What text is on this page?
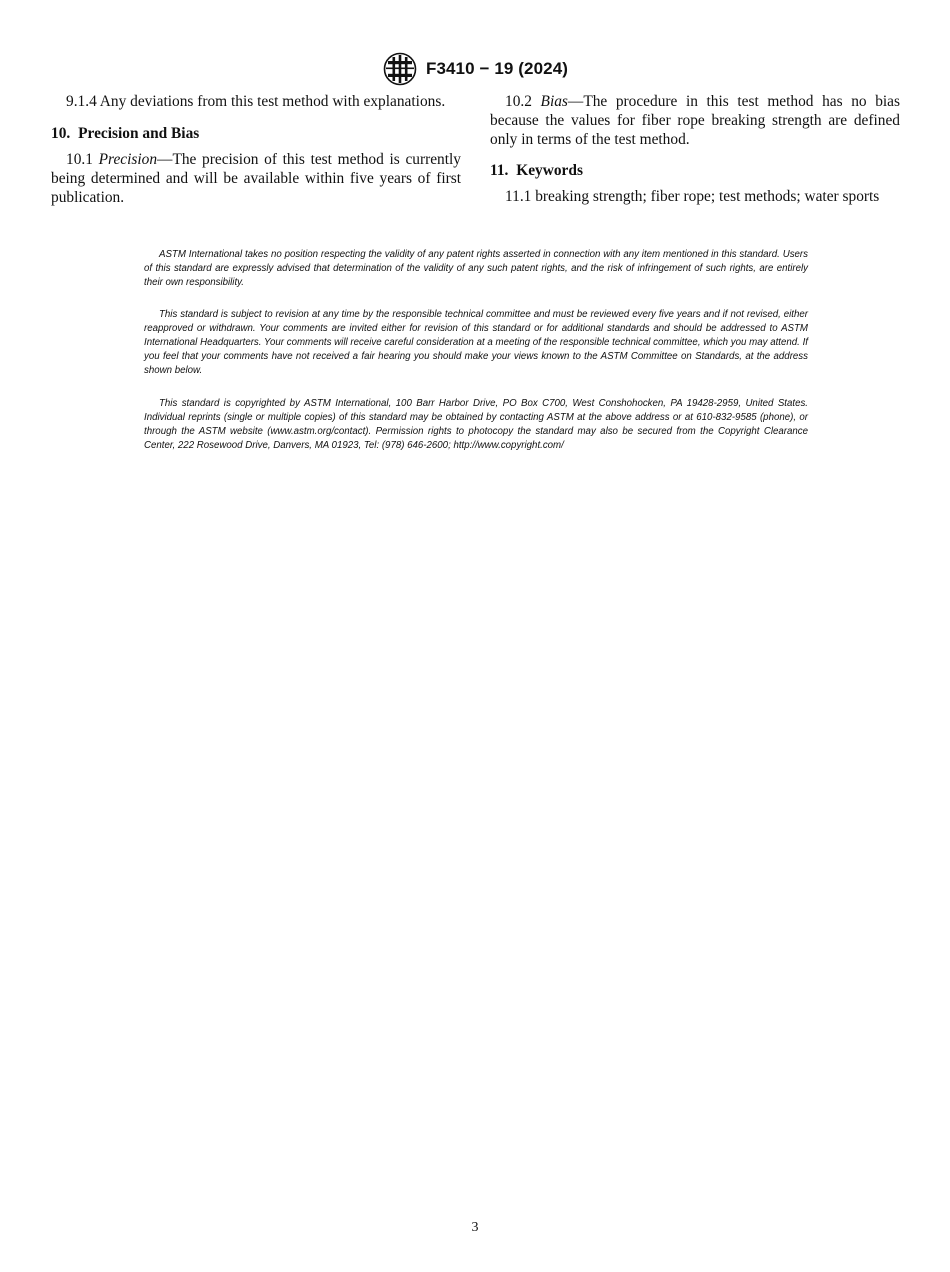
F3410 − 19 (2024)

9.1.4 Any deviations from this test method with explanations.

10. Precision and Bias

10.1 Precision—The precision of this test method is currently being determined and will be available within five years of first publication.

10.2 Bias—The procedure in this test method has no bias because the values for fiber rope breaking strength are defined only in terms of the test method.

11. Keywords

11.1 breaking strength; fiber rope; test methods; water sports

ASTM International takes no position respecting the validity of any patent rights asserted in connection with any item mentioned in this standard. Users of this standard are expressly advised that determination of the validity of any such patent rights, and the risk of infringement of such rights, are entirely their own responsibility.

This standard is subject to revision at any time by the responsible technical committee and must be reviewed every five years and if not revised, either reapproved or withdrawn. Your comments are invited either for revision of this standard or for additional standards and should be addressed to ASTM International Headquarters. Your comments will receive careful consideration at a meeting of the responsible technical committee, which you may attend. If you feel that your comments have not received a fair hearing you should make your views known to the ASTM Committee on Standards, at the address shown below.

This standard is copyrighted by ASTM International, 100 Barr Harbor Drive, PO Box C700, West Conshohocken, PA 19428-2959, United States. Individual reprints (single or multiple copies) of this standard may be obtained by contacting ASTM at the above address or at 610-832-9585 (phone), or through the ASTM website (www.astm.org/contact). Permission rights to photocopy the standard may also be secured from the Copyright Clearance Center, 222 Rosewood Drive, Danvers, MA 01923, Tel: (978) 646-2600; http://www.copyright.com/

3
